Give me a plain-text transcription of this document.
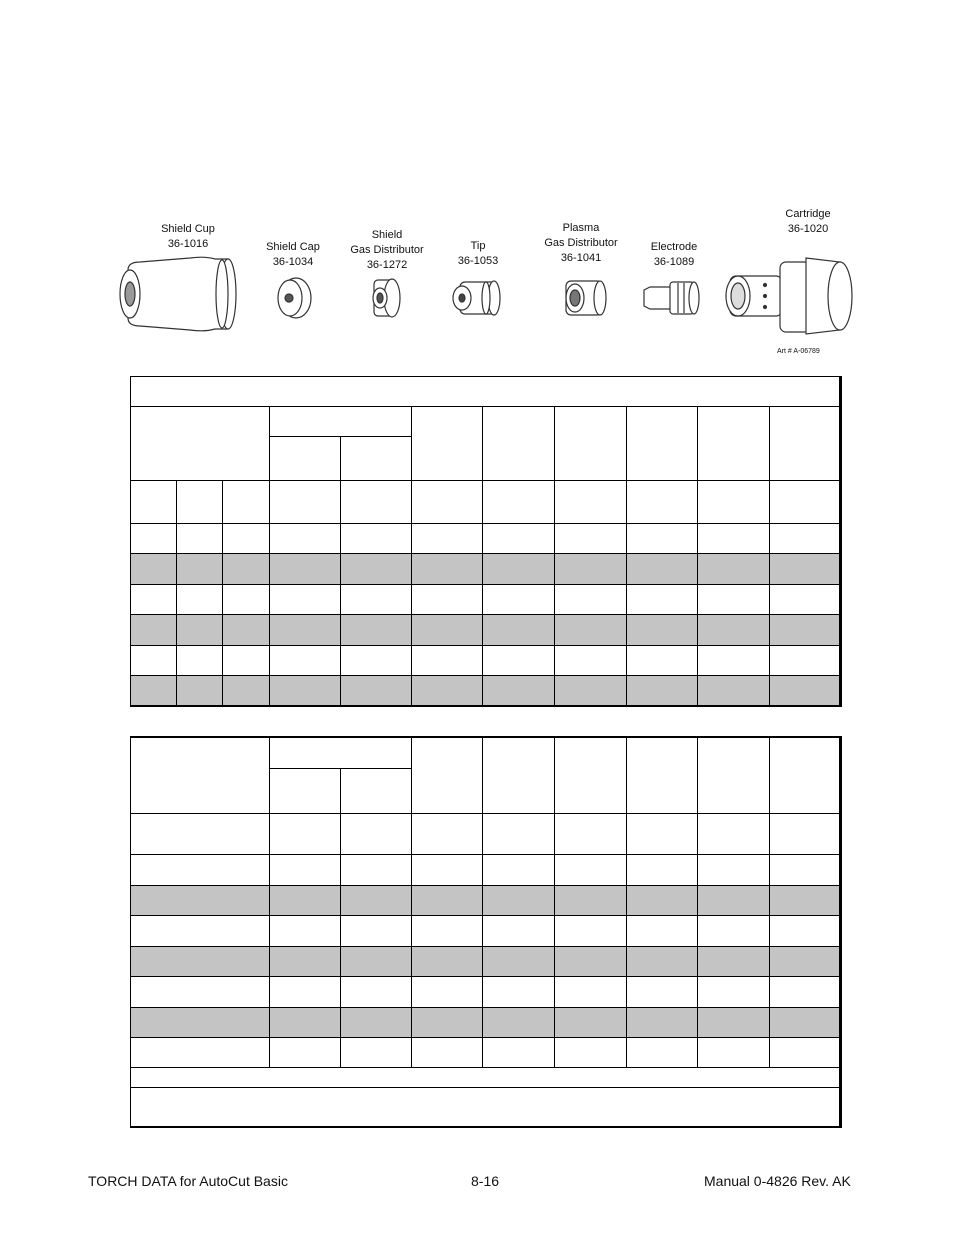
Shield Cup
36-1016	Shield Cap
36-1034
Shield
Gas Distributor
36-1272
Tip
36-1053
Plasma
Gas Distributor
36-1041
Electrode
36-1089
Cartridge
36-1020
Art # A-06789

TORCH DATA for AutoCut Basic	8-16	Manual 0-4826 Rev. AK
